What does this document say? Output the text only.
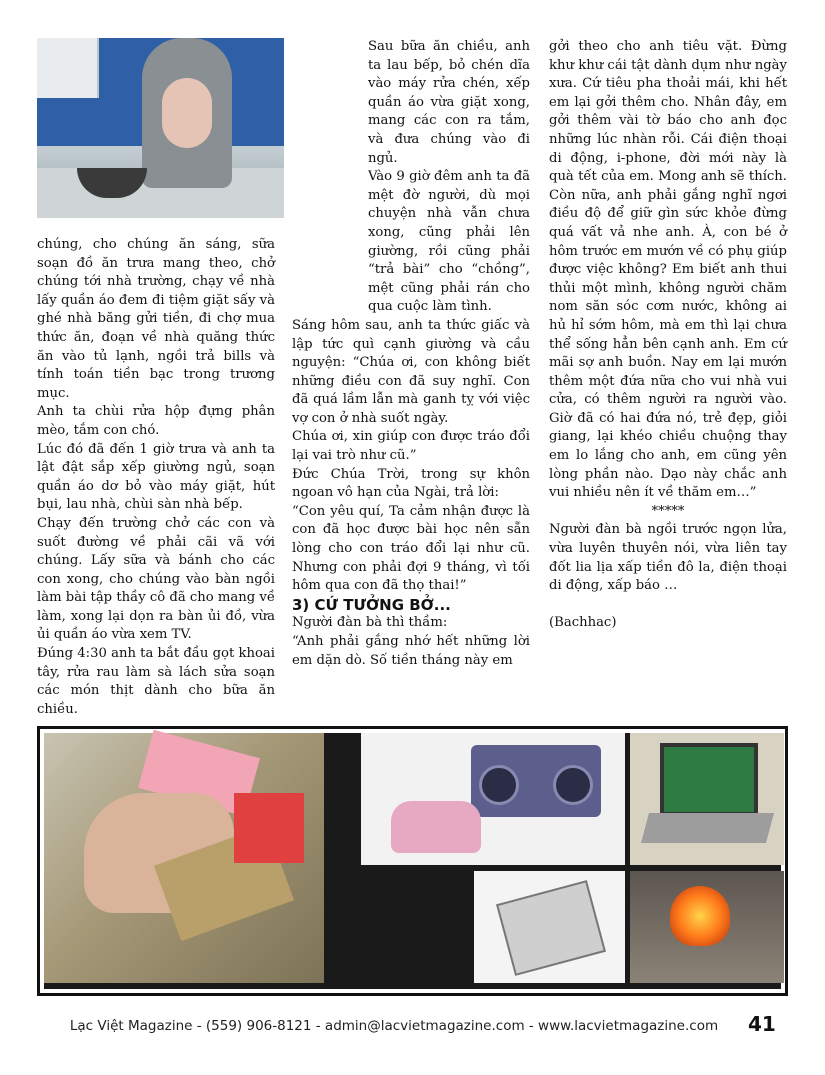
chúng, cho chúng ăn sáng, sữa soạn đồ ăn trưa mang theo, chở chúng tới nhà trường, chạy về nhà lấy quần áo đem đi tiệm giặt sấy và ghé nhà băng gửi tiền, đi chợ mua thức ăn, đoạn về nhà quăng thức ăn vào tủ lạnh, ngồi trả bills và tính toán tiền bạc trong trương mục.

Anh ta chùi rửa hộp đựng phân mèo, tắm con chó.

Lúc đó đã đến 1 giờ trưa và anh ta lật đật sắp xếp giường ngủ, soạn quần áo dơ bỏ vào máy giặt, hút bụi, lau nhà, chùi sàn nhà bếp.

Chạy đến trường chở các con và suốt đường về phải cãi vã với chúng. Lấy sữa và bánh cho các con xong, cho chúng vào bàn ngồi làm bài tập thầy cô đã cho mang về làm, xong lại dọn ra bàn ủi đồ, vừa ủi quần áo vừa xem TV.

Đúng 4:30 anh ta bắt đầu gọt khoai tây, rửa rau làm sà lách sửa soạn các món thịt dành cho bữa ăn chiều.

Sau bữa ăn chiều, anh ta lau bếp, bỏ chén dĩa vào máy rửa chén, xếp quần áo vừa giặt xong, mang các con ra tắm, và đưa chúng vào đi ngủ.

Vào 9 giờ đêm anh ta đã mệt đờ người, dù mọi chuyện nhà vẫn chưa xong, cũng phải lên giường, rồi cũng phải “trả bài” cho “chồng”, mệt cũng phải rán cho qua cuộc làm tình.

Sáng hôm sau, anh ta thức giấc và lập tức quì cạnh giường và cầu nguyện: “Chúa ơi, con không biết những điều con đã suy nghĩ. Con đã quá lầm lẫn mà ganh tỵ với việc vợ con ở nhà suốt ngày.

Chúa ơi, xin giúp con được tráo đổi lại vai trò như cũ.”

Đức Chúa Trời, trong sự khôn ngoan vô hạn của Ngài, trả lời:

“Con yêu quí, Ta cảm nhận được là con đã học được bài học nên sẵn lòng cho con tráo đổi lại như cũ. Nhưng con phải đợi 9 tháng, vì tối hôm qua con đã thọ thai!”

3) CỨ TƯỞNG BỞ...

Người đàn bà thì thầm:

“Anh phải gắng nhớ hết những lời em dặn dò. Số tiền tháng này em

gởi theo cho anh tiêu vặt. Đừng khư khư cái tật dành dụm như ngày xưa. Cứ tiêu pha thoải mái, khi hết em lại gởi thêm cho. Nhân đây, em gởi thêm vài tờ báo cho anh đọc những lúc nhàn rỗi. Cái điện thoại di động, i-phone, đời mới này là quà tết của em. Mong anh sẽ thích. Còn nữa, anh phải gắng nghĩ ngơi điều độ để giữ gìn sức khỏe đừng quá vất vả nhe anh. À, con bé ở hôm trước em mướn về có phụ giúp được việc không? Em biết anh thui thủi một mình, không người chăm nom săn sóc cơm nước, không ai hủ hỉ sớm hôm, mà em thì lại chưa thể sống hẳn bên cạnh anh. Em cứ mãi sợ anh buồn. Nay em lại mướn thêm một đứa nữa cho vui nhà vui cửa, có thêm người ra người vào. Giờ đã có hai đứa nó, trẻ đẹp, giỏi giang, lại khéo chiều chuộng thay em lo lắng cho anh, em cũng yên lòng phần nào. Dạo này chắc anh vui nhiều nên ít về thăm em…”

*****

Người đàn bà ngồi trước ngọn lửa, vừa luyên thuyên nói, vừa liên tay đốt lia lịa xấp tiền đô la, điện thoại di động, xấp báo …

(Bachhac)

Lạc Việt Magazine - (559) 906-8121 - admin@lacvietmagazine.com - www.lacvietmagazine.com	41
